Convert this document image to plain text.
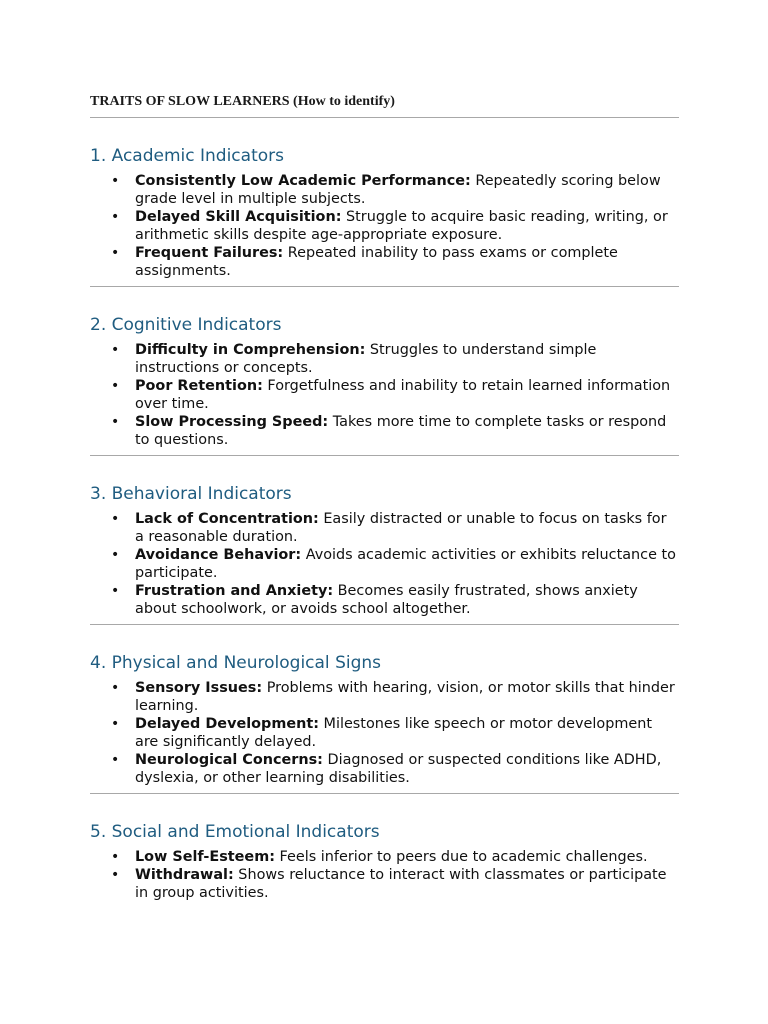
TRAITS OF SLOW LEARNERS (How to identify)
1. Academic Indicators
• Consistently Low Academic Performance: Repeatedly scoring below grade level in multiple subjects.
• Delayed Skill Acquisition: Struggle to acquire basic reading, writing, or arithmetic skills despite age-appropriate exposure.
• Frequent Failures: Repeated inability to pass exams or complete assignments.
2. Cognitive Indicators
• Difficulty in Comprehension: Struggles to understand simple instructions or concepts.
• Poor Retention: Forgetfulness and inability to retain learned information over time.
• Slow Processing Speed: Takes more time to complete tasks or respond to questions.
3. Behavioral Indicators
• Lack of Concentration: Easily distracted or unable to focus on tasks for a reasonable duration.
• Avoidance Behavior: Avoids academic activities or exhibits reluctance to participate.
• Frustration and Anxiety: Becomes easily frustrated, shows anxiety about schoolwork, or avoids school altogether.
4. Physical and Neurological Signs
• Sensory Issues: Problems with hearing, vision, or motor skills that hinder learning.
• Delayed Development: Milestones like speech or motor development are significantly delayed.
• Neurological Concerns: Diagnosed or suspected conditions like ADHD, dyslexia, or other learning disabilities.
5. Social and Emotional Indicators
• Low Self-Esteem: Feels inferior to peers due to academic challenges.
• Withdrawal: Shows reluctance to interact with classmates or participate in group activities.
